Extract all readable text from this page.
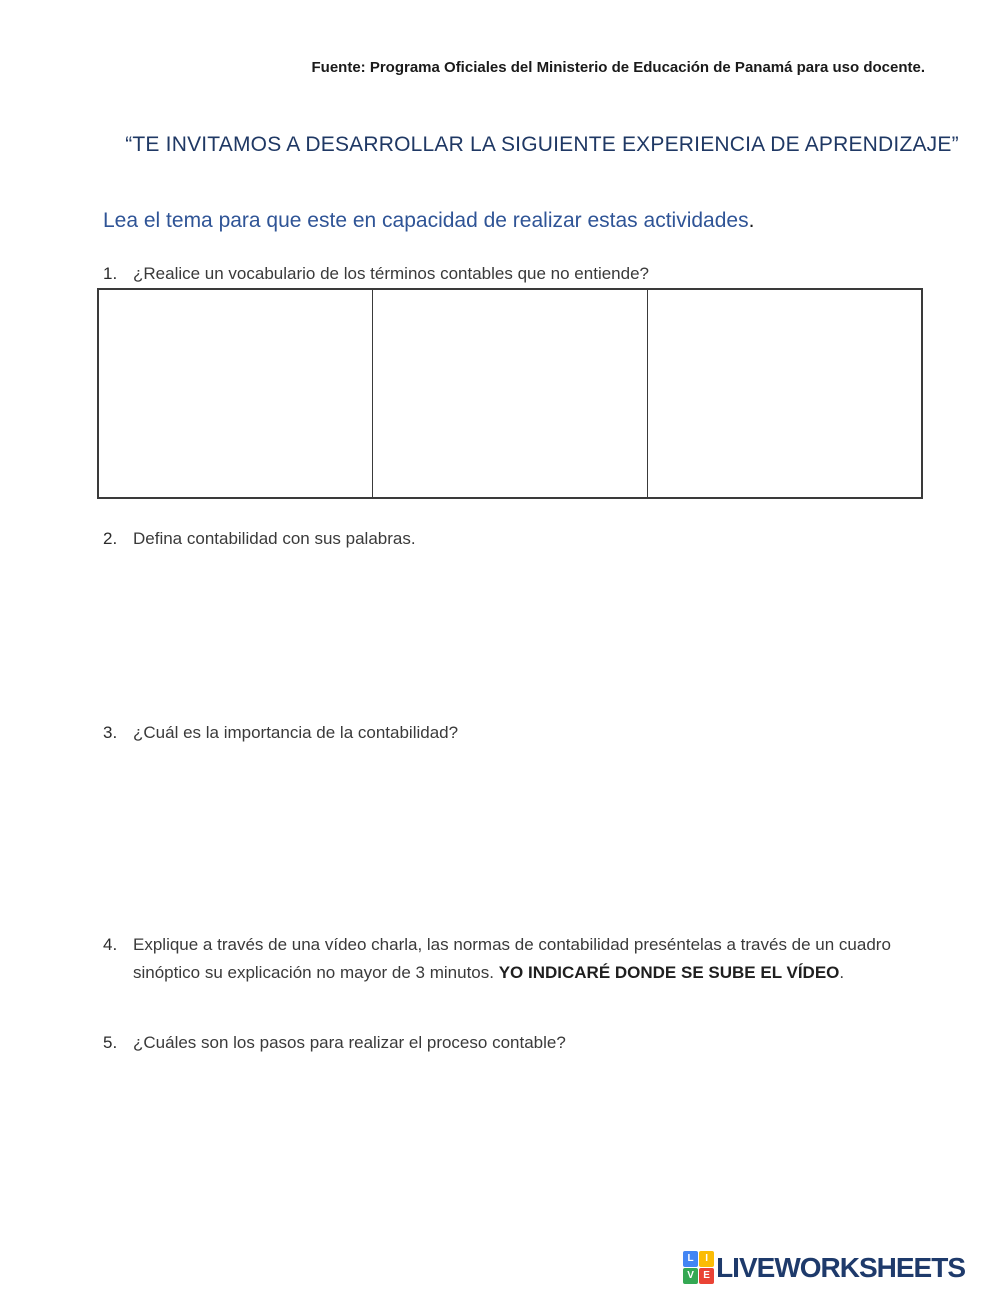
Fuente: Programa Oficiales del Ministerio de Educación de Panamá para uso docente.
“TE INVITAMOS A DESARROLLAR LA SIGUIENTE EXPERIENCIA DE APRENDIZAJE”
Lea el tema para que este en capacidad de realizar estas actividades.
1. ¿Realice un vocabulario de los términos contables que no entiende?

2. Defina contabilidad con sus palabras.
3. ¿Cuál es la importancia de la contabilidad?
4. Explique a través de una vídeo charla, las normas de contabilidad preséntelas a través de un cuadro sinóptico su explicación no mayor de 3 minutos. YO INDICARÉ DONDE SE SUBE EL VÍDEO.
5. ¿Cuáles son los pasos para realizar el proceso contable?
L	I
V E LIVEWORKSHEETS
